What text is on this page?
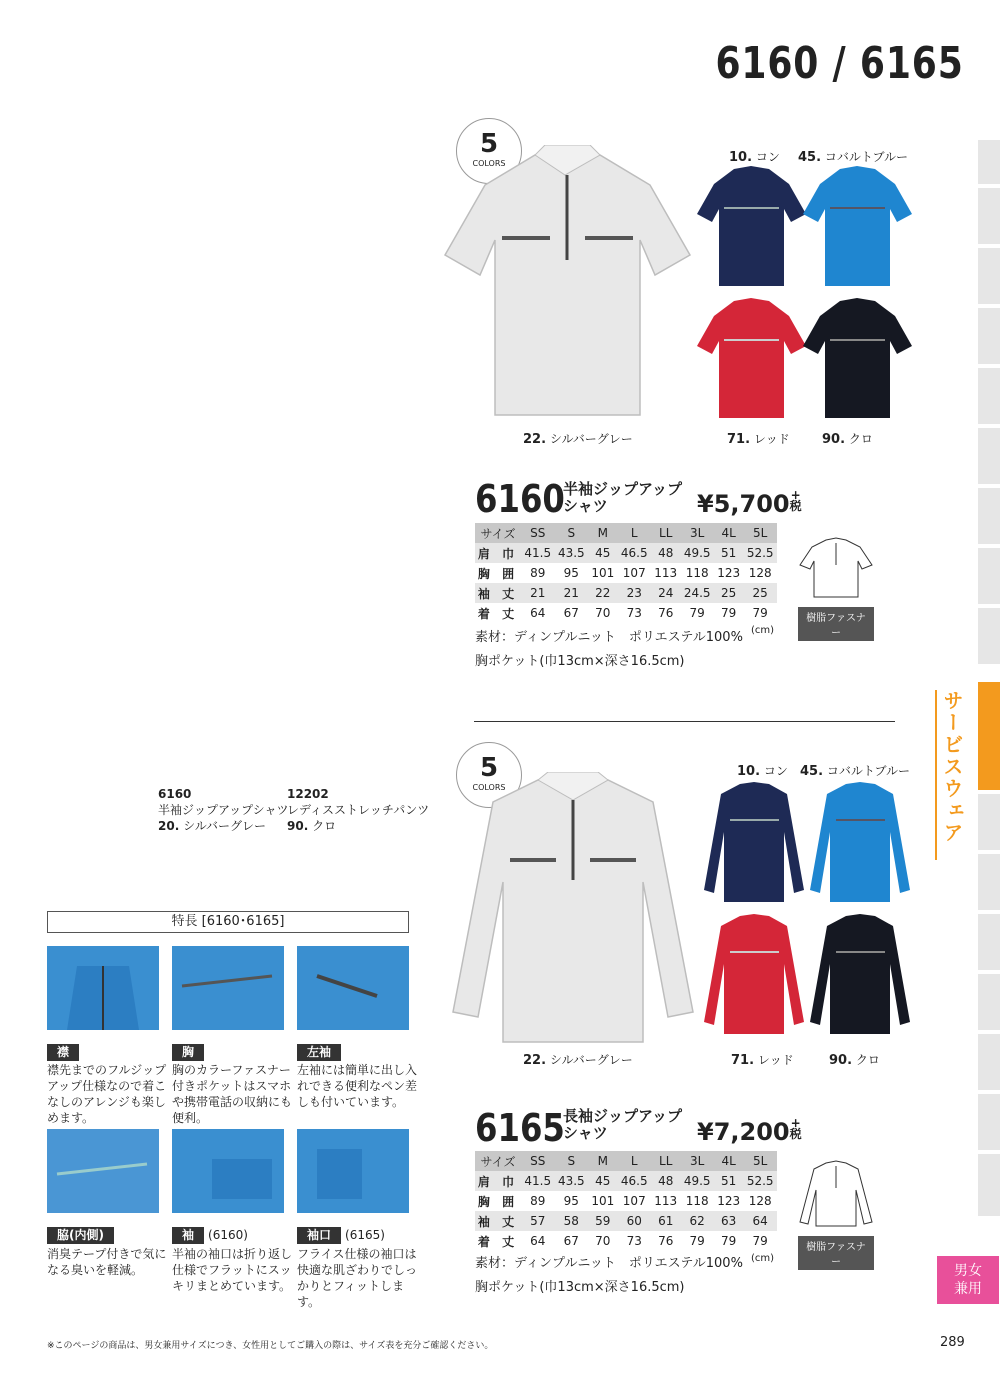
6160 / 6165
サービスウェア
男女
兼用
5
COLORS
22. シルバーグレー
10. コン 45. コバルトブルー
71. レッド 90. クロ
6160
半袖ジップアップ
シャツ	¥5,700+
税
サイズ	SS	S	M	L	LL	3L	4L	5L
肩 巾	41.5	43.5	45	46.5	48	49.5	51	52.5
胸 囲	89	95	101	107	113	118	123	128
袖 丈	21	21	22	23	24	24.5	25	25
着 丈	64	67	70	73	76	79	79	79
(cm)
素材：ディンプルニット　ポリエステル100%
胸ポケット(巾13cm×深さ16.5cm)
樹脂ファスナー
5
COLORS
22. シルバーグレー
10. コン 45. コバルトブルー
71. レッド	90. クロ
6165
長袖ジップアップ
シャツ	¥7,200+
税
サイズ	SS	S	M	L	LL	3L	4L	5L
肩 巾	41.5	43.5	45	46.5	48	49.5	51	52.5
胸 囲	89	95	101	107	113	118	123	128
袖 丈	57	58	59	60	61	62	63	64
着 丈	64	67	70	73	76	79	79	79
(cm)
素材：ディンプルニット　ポリエステル100%
胸ポケット(巾13cm×深さ16.5cm)
樹脂ファスナー
6160
半袖ジップアップシャツ
20. シルバーグレー
12202
レディスストレッチパンツ
90. クロ
特長 [6160･6165]
襟	胸	左袖
襟先までのフルジップアップ仕様なので着こなしのアレンジも楽しめます。
胸のカラーファスナー付きポケットはスマホや携帯電話の収納にも便利。
左袖には簡単に出し入れできる便利なペン差しも付いています。
脇(内側)	袖 (6160)	袖口 (6165)
消臭テープ付きで気になる臭いを軽減。
半袖の袖口は折り返し仕様でフラットにスッキリまとめています。
フライス仕様の袖口は快適な肌ざわりでしっかりとフィットします。
※このページの商品は、男女兼用サイズにつき、女性用としてご購入の際は、サイズ表を充分ご確認ください。	289
